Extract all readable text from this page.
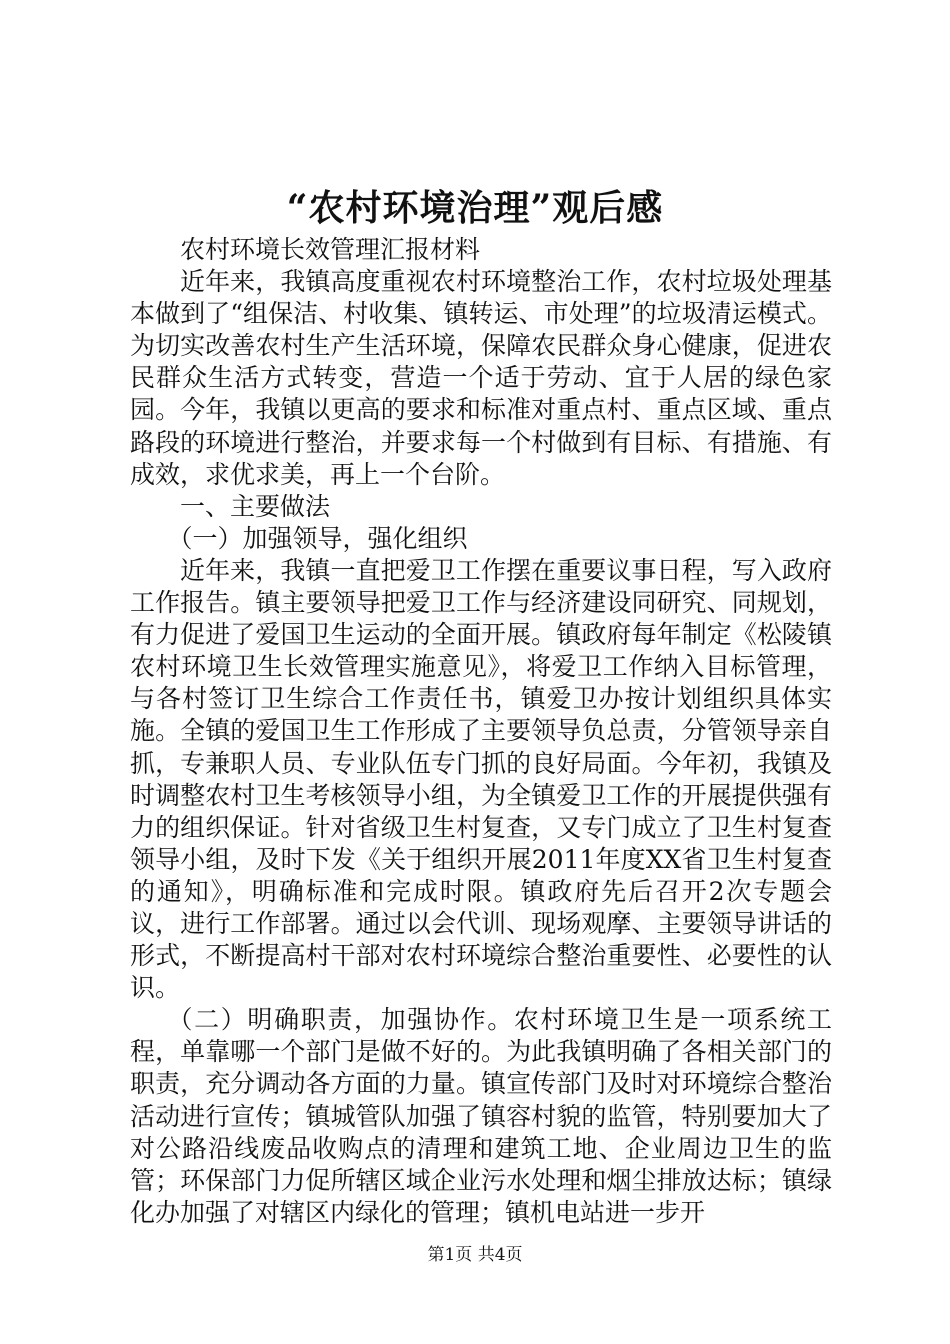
“农村环境治理”观后感

农村环境长效管理汇报材料

近年来，我镇高度重视农村环境整治工作，农村垃圾处理基本做到了“组保洁、村收集、镇转运、市处理”的垃圾清运模式。为切实改善农村生产生活环境，保障农民群众身心健康，促进农民群众生活方式转变，营造一个适于劳动、宜于人居的绿色家园。今年，我镇以更高的要求和标准对重点村、重点区域、重点路段的环境进行整治，并要求每一个村做到有目标、有措施、有成效，求优求美，再上一个台阶。

一、主要做法

（一）加强领导，强化组织

近年来，我镇一直把爱卫工作摆在重要议事日程，写入政府工作报告。镇主要领导把爱卫工作与经济建设同研究、同规划，有力促进了爱国卫生运动的全面开展。镇政府每年制定《松陵镇农村环境卫生长效管理实施意见》，将爱卫工作纳入目标管理，与各村签订卫生综合工作责任书，镇爱卫办按计划组织具体实施。全镇的爱国卫生工作形成了主要领导负总责，分管领导亲自抓，专兼职人员、专业队伍专门抓的良好局面。今年初，我镇及时调整农村卫生考核领导小组，为全镇爱卫工作的开展提供强有力的组织保证。针对省级卫生村复查，又专门成立了卫生村复查领导小组，及时下发《关于组织开展2011年度XX省卫生村复查的通知》，明确标准和完成时限。镇政府先后召开2次专题会议，进行工作部署。通过以会代训、现场观摩、主要领导讲话的形式，不断提高村干部对农村环境综合整治重要性、必要性的认识。

（二）明确职责，加强协作。农村环境卫生是一项系统工程，单靠哪一个部门是做不好的。为此我镇明确了各相关部门的职责，充分调动各方面的力量。镇宣传部门及时对环境综合整治活动进行宣传；镇城管队加强了镇容村貌的监管，特别要加大了对公路沿线废品收购点的清理和建筑工地、企业周边卫生的监管；环保部门力促所辖区域企业污水处理和烟尘排放达标；镇绿化办加强了对辖区内绿化的管理；镇机电站进一步开

第1页 共4页
